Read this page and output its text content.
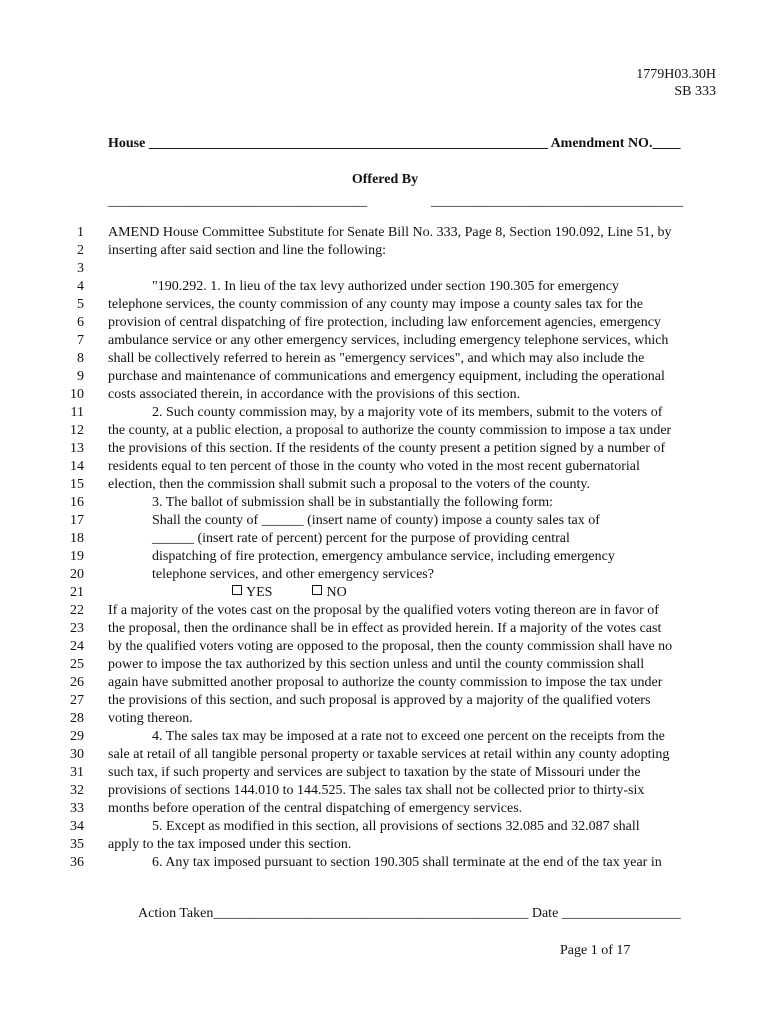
1779H03.30H
SB 333
House _________________________________________________________ Amendment NO.____
Offered By
_____________________________________	____________________________________
1 AMEND House Committee Substitute for Senate Bill No. 333, Page 8, Section 190.092, Line 51, by
2 inserting after said section and line the following:
3
4	"190.292. 1. In lieu of the tax levy authorized under section 190.305 for emergency
5 telephone services, the county commission of any county may impose a county sales tax for the
6 provision of central dispatching of fire protection, including law enforcement agencies, emergency
7 ambulance service or any other emergency services, including emergency telephone services, which
8 shall be collectively referred to herein as "emergency services", and which may also include the
9 purchase and maintenance of communications and emergency equipment, including the operational
10 costs associated therein, in accordance with the provisions of this section.
11	2. Such county commission may, by a majority vote of its members, submit to the voters of
12 the county, at a public election, a proposal to authorize the county commission to impose a tax under
13 the provisions of this section. If the residents of the county present a petition signed by a number of
14 residents equal to ten percent of those in the county who voted in the most recent gubernatorial
15 election, then the commission shall submit such a proposal to the voters of the county.
16	3. The ballot of submission shall be in substantially the following form:
17	Shall the county of ______ (insert name of county) impose a county sales tax of
18	______ (insert rate of percent) percent for the purpose of providing central
19	dispatching of fire protection, emergency ambulance service, including emergency
20	telephone services, and other emergency services?
21	YES	NO
22 If a majority of the votes cast on the proposal by the qualified voters voting thereon are in favor of
23 the proposal, then the ordinance shall be in effect as provided herein. If a majority of the votes cast
24 by the qualified voters voting are opposed to the proposal, then the county commission shall have no
25 power to impose the tax authorized by this section unless and until the county commission shall
26 again have submitted another proposal to authorize the county commission to impose the tax under
27 the provisions of this section, and such proposal is approved by a majority of the qualified voters
28 voting thereon.
29	4. The sales tax may be imposed at a rate not to exceed one percent on the receipts from the
30 sale at retail of all tangible personal property or taxable services at retail within any county adopting
31 such tax, if such property and services are subject to taxation by the state of Missouri under the
32 provisions of sections 144.010 to 144.525. The sales tax shall not be collected prior to thirty-six
33 months before operation of the central dispatching of emergency services.
34	5. Except as modified in this section, all provisions of sections 32.085 and 32.087 shall
35 apply to the tax imposed under this section.
36	6. Any tax imposed pursuant to section 190.305 shall terminate at the end of the tax year in
Action Taken_____________________________________________ Date _________________
Page 1 of 17
